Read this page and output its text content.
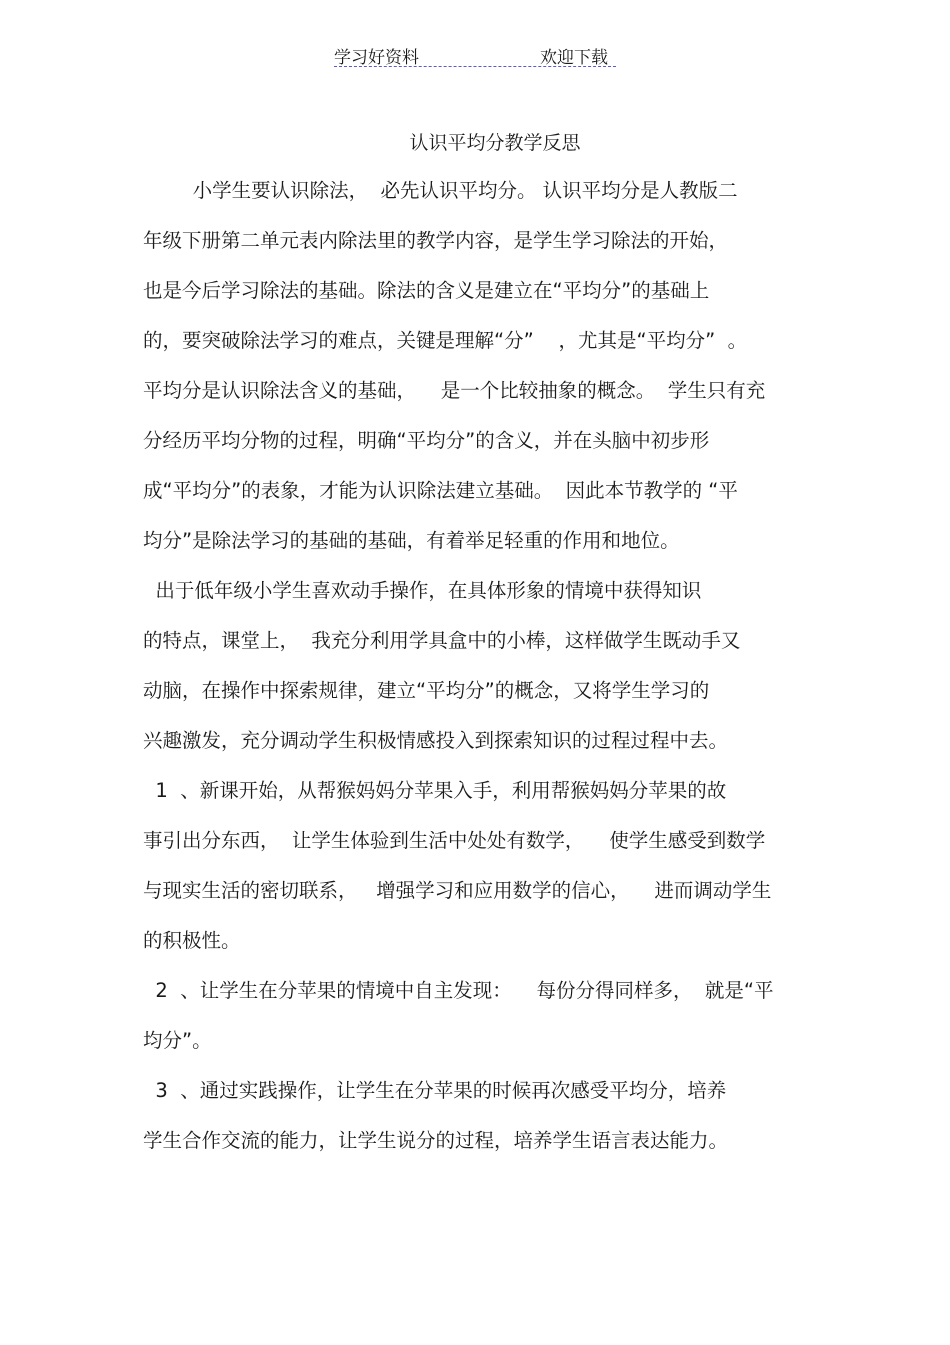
学习好资料	欢迎下载
认识平均分教学反思
小学生要认识除法，  必先认识平均分。 认识平均分是人教版二
年级下册第二单元表内除法里的教学内容，是学生学习除法的开始，
也是今后学习除法的基础。除法的含义是建立在“平均分”的基础上
的，要突破除法学习的难点，关键是理解“分”    ，尤其是“平均分”  。
平均分是认识除法含义的基础，    是一个比较抽象的概念。  学生只有充
分经历平均分物的过程，明确“平均分”的含义，并在头脑中初步形
成“平均分”的表象，才能为认识除法建立基础。  因此本节教学的 “平
均分”是除法学习的基础的基础，有着举足轻重的作用和地位。
出于低年级小学生喜欢动手操作，在具体形象的情境中获得知识
的特点，课堂上，  我充分利用学具盒中的小棒，这样做学生既动手又
动脑，在操作中探索规律，建立“平均分”的概念，又将学生学习的
兴趣激发，充分调动学生积极情感投入到探索知识的过程过程中去。
1  、新课开始，从帮猴妈妈分苹果入手，利用帮猴妈妈分苹果的故
事引出分东西，  让学生体验到生活中处处有数学，    使学生感受到数学
与现实生活的密切联系，   增强学习和应用数学的信心，    进而调动学生
的积极性。
2  、让学生在分苹果的情境中自主发现：    每份分得同样多，  就是“平
均分”。
3  、通过实践操作，让学生在分苹果的时候再次感受平均分，培养
学生合作交流的能力，让学生说分的过程，培养学生语言表达能力。
